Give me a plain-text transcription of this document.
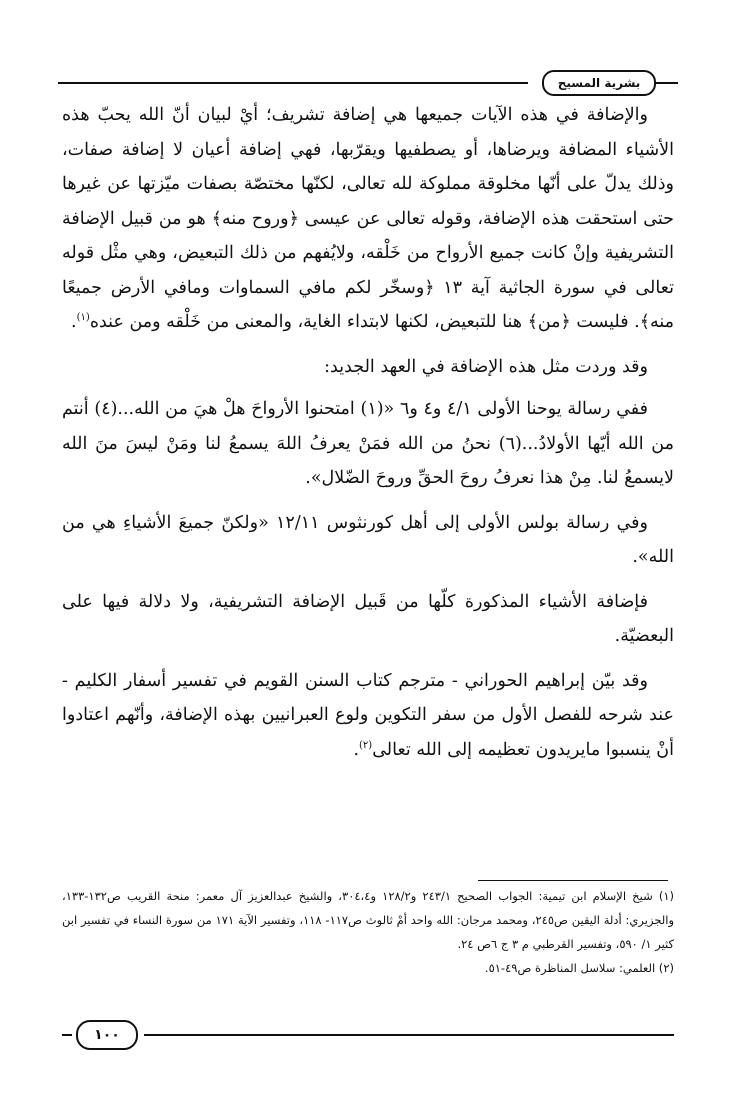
بشرية المسيح

والإضافة في هذه الآيات جميعها هي إضافة تشريف؛ أيْ لبيان أنّ الله يحبّ هذه الأشياء المضافة ويرضاها، أو يصطفيها ويقرّبها، فهي إضافة أعيان لا إضافة صفات، وذلك يدلّ على أنّها مخلوقة مملوكة لله تعالى، لكنّها مختصّة بصفات ميّزتها عن غيرها حتى استحقت هذه الإضافة، وقوله تعالى عن عيسى ﴿وروح منه﴾ هو من قبيل الإضافة التشريفية وإنْ كانت جميع الأرواح من خَلْقه، ولايُفهم من ذلك التبعيض، وهي مثْل قوله تعالى في سورة الجاثية آية ١٣ ﴿وسخّر لكم مافي السماوات ومافي الأرض جميعًا منه﴾. فليست ﴿من﴾ هنا للتبعيض، لكنها لابتداء الغاية، والمعنى من خَلْقه ومن عنده$^{(١)}$.

وقد وردت مثل هذه الإضافة في العهد الجديد:

ففي رسالة يوحنا الأولى ٤/١ و٤ و٦ «(١) امتحنوا الأرواحَ هلْ هيَ من الله...(٤) أنتم من الله أيّها الأولادُ...(٦) نحنُ من الله فمَنْ يعرفُ اللهَ يسمعُ لنا ومَنْ ليسَ منَ الله لايسمعُ لنا. مِنْ هذا نعرفُ روحَ الحقِّ وروحَ الضّلال».

وفي رسالة بولس الأولى إلى أهل كورنثوس ١٢/١١ «ولكنّ جميعَ الأشياءِ هي من الله».

فإضافة الأشياء المذكورة كلّها من قَبيل الإضافة التشريفية، ولا دلالة فيها على البعضيّة.

وقد بيّن إبراهيم الحوراني - مترجم كتاب السنن القويم في تفسير أسفار الكليم - عند شرحه للفصل الأول من سفر التكوين ولوع العبرانيين بهذه الإضافة، وأنّهم اعتادوا أنْ ينسبوا مايريدون تعظيمه إلى الله تعالى$^{(٢)}$.

(١) شيخ الإسلام ابن تيمية: الجواب الصحيح ٢٤٣/١ و١٢٨/٢ و٣٠٤،٤، والشيخ عبدالعزيز آل معمر: منحة القريب ص١٣٢-١٣٣، والجزيري: أدلة اليقين ص٢٤٥، ومحمد مرجان: الله واحد أمْ ثالوث ص١١٧- ١١٨، وتفسير الآية ١٧١ من سورة النساء في تفسير ابن كثير ١/ ٥٩٠، وتفسير القرطبي م ٣ ج ٦ص ٢٤.

(٢) العلمي: سلاسل المناظرة ص٤٩-٥١.

١٠٠
